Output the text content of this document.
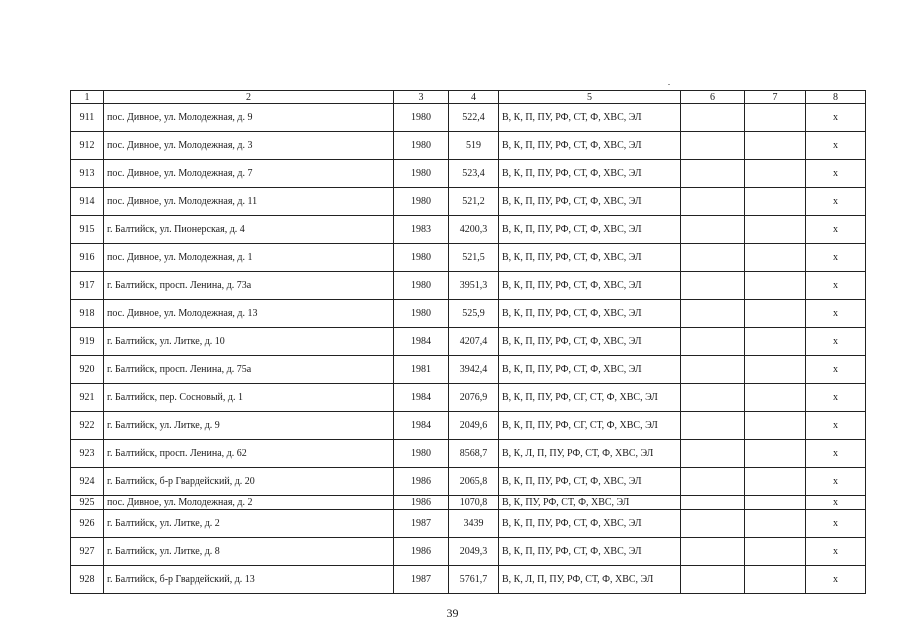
1	2	3	4	5	6	7	8
911	пос. Дивное, ул. Молодежная, д. 9	1980	522,4	В, К, П, ПУ, РФ, СТ, Ф, ХВС, ЭЛ			x
912	пос. Дивное, ул. Молодежная, д. 3	1980	519	В, К, П, ПУ, РФ, СТ, Ф, ХВС, ЭЛ			x
913	пос. Дивное, ул. Молодежная, д. 7	1980	523,4	В, К, П, ПУ, РФ, СТ, Ф, ХВС, ЭЛ			x
914	пос. Дивное, ул. Молодежная, д. 11	1980	521,2	В, К, П, ПУ, РФ, СТ, Ф, ХВС, ЭЛ			x
915	г. Балтийск, ул. Пионерская, д. 4	1983	4200,3	В, К, П, ПУ, РФ, СТ, Ф, ХВС, ЭЛ			x
916	пос. Дивное, ул. Молодежная, д. 1	1980	521,5	В, К, П, ПУ, РФ, СТ, Ф, ХВС, ЭЛ			x
917	г. Балтийск, просп. Ленина, д. 73а	1980	3951,3	В, К, П, ПУ, РФ, СТ, Ф, ХВС, ЭЛ			x
918	пос. Дивное, ул. Молодежная, д. 13	1980	525,9	В, К, П, ПУ, РФ, СТ, Ф, ХВС, ЭЛ			x
919	г. Балтийск, ул. Литке, д. 10	1984	4207,4	В, К, П, ПУ, РФ, СТ, Ф, ХВС, ЭЛ			x
920	г. Балтийск, просп. Ленина, д. 75а	1981	3942,4	В, К, П, ПУ, РФ, СТ, Ф, ХВС, ЭЛ			x
921	г. Балтийск, пер. Сосновый, д. 1	1984	2076,9	В, К, П, ПУ, РФ, СГ, СТ, Ф, ХВС, ЭЛ			x
922	г. Балтийск, ул. Литке, д. 9	1984	2049,6	В, К, П, ПУ, РФ, СГ, СТ, Ф, ХВС, ЭЛ			x
923	г. Балтийск, просп. Ленина, д. 62	1980	8568,7	В, К, Л, П, ПУ, РФ, СТ, Ф, ХВС, ЭЛ			x
924	г. Балтийск, б-р Гвардейский, д. 20	1986	2065,8	В, К, П, ПУ, РФ, СТ, Ф, ХВС, ЭЛ			x
925	пос. Дивное, ул. Молодежная, д. 2	1986	1070,8	В, К, ПУ, РФ, СТ, Ф, ХВС, ЭЛ			x
926	г. Балтийск, ул. Литке, д. 2	1987	3439	В, К, П, ПУ, РФ, СТ, Ф, ХВС, ЭЛ			x
927	г. Балтийск, ул. Литке, д. 8	1986	2049,3	В, К, П, ПУ, РФ, СТ, Ф, ХВС, ЭЛ			x
928	г. Балтийск, б-р Гвардейский, д. 13	1987	5761,7	В, К, Л, П, ПУ, РФ, СТ, Ф, ХВС, ЭЛ			x
39
